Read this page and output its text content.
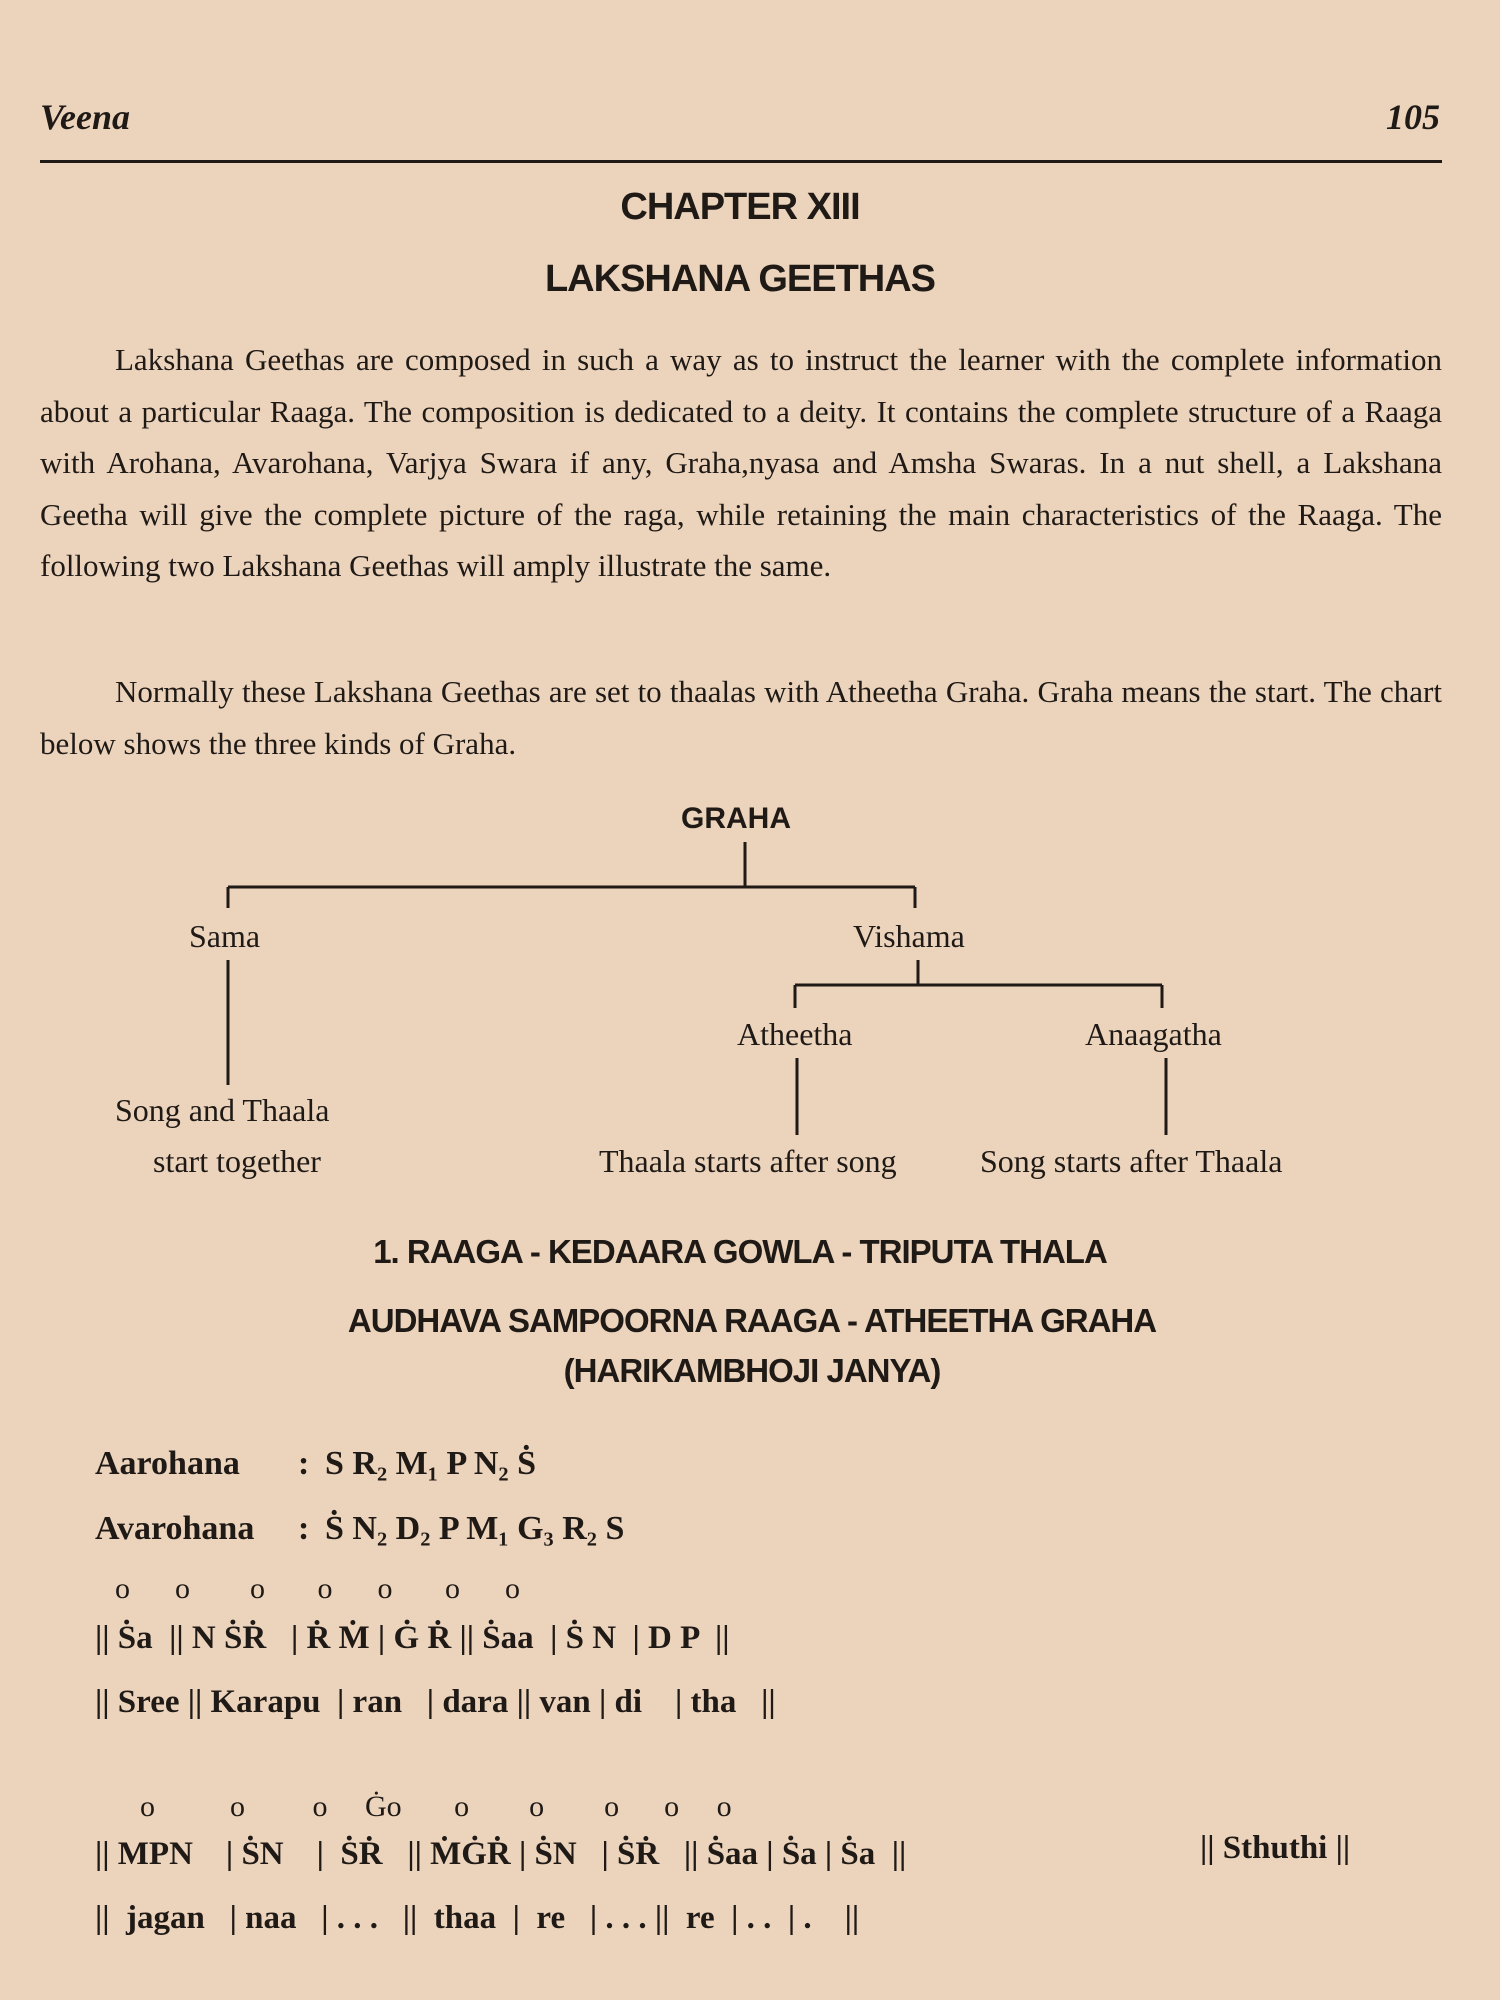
Veena	105
CHAPTER XIII
LAKSHANA GEETHAS
Lakshana Geethas are composed in such a way as to instruct the learner with the complete information about a particular Raaga. The composition is dedicated to a deity. It contains the complete structure of a Raaga with Arohana, Avarohana, Varjya Swara if any, Graha,nyasa and Amsha Swaras. In a nut shell, a Lakshana Geetha will give the complete picture of the raga, while retaining the main characteristics of the Raaga. The following two Lakshana Geethas will amply illustrate the same.
Normally these Lakshana Geethas are set to thaalas with Atheetha Graha. Graha means the start. The chart below shows the three kinds of Graha.
GRAHA
Sama	Vishama
Atheetha	Anaagatha
Song and Thaala
start together	Thaala starts after song	Song starts after Thaala
1. RAAGA - KEDAARA GOWLA - TRIPUTA THALA
AUDHAVA SAMPOORNA RAAGA - ATHEETHA GRAHA
(HARIKAMBHOJI JANYA)
Aarohana : S R₂ M₁ P N₂ Ṡ
Avarohana : Ṡ N₂ D₂ P M₁ G₃ R₂ S
o      o        o       o      o       o      o
|| Ṡa  || N ṠṘ   | Ṙ Ṁ | Ġ Ṙ || Ṡaa  | Ṡ N  | D P  ||
|| Sree || Karapu  | ran   | dara || van | di    | tha   ||
o          o         o     Ġo       o        o        o      o     o
|| MPN    | ṠN    |  ṠṘ   || ṀĠṘ | ṠN   | ṠṘ   || Ṡaa | Ṡa | Ṡa  ||	|| Sthuthi ||
||  jagan   | naa   | . . .   ||  thaa  |  re   | . . . ||  re  | . .  | .    ||
